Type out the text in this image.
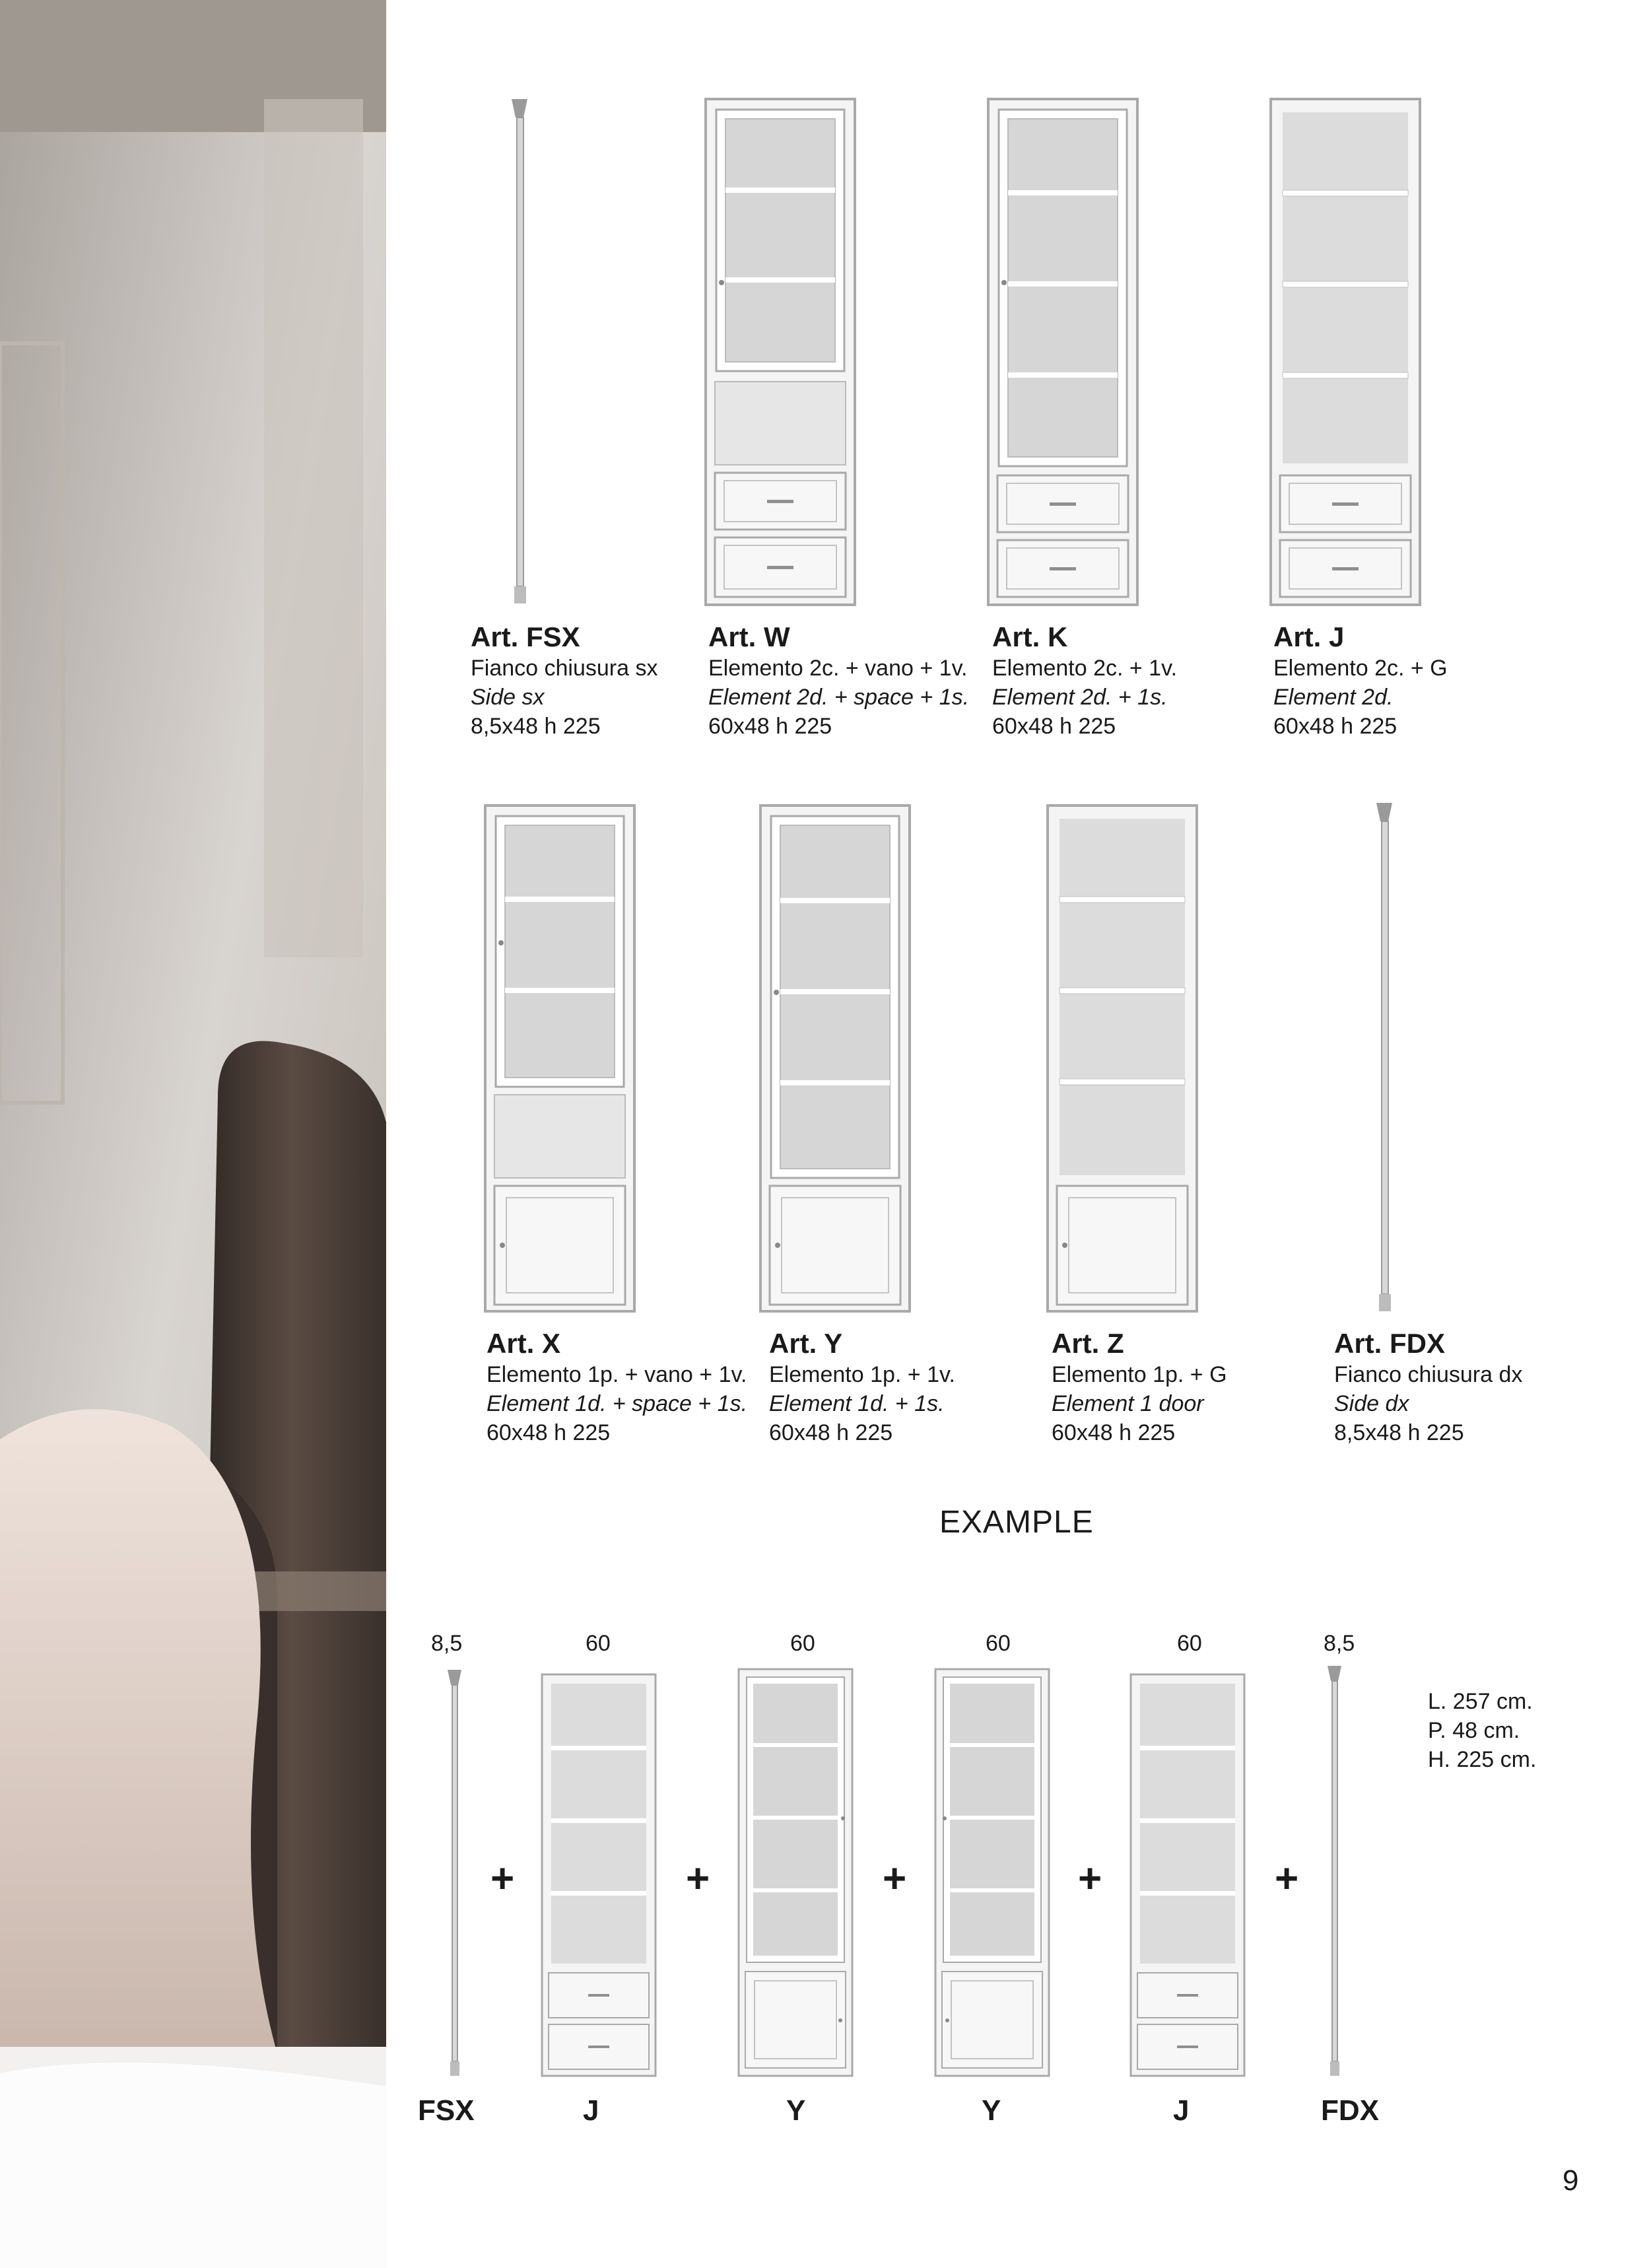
Art. FSX
Fianco chiusura sx
Side sx
8,5x48 h 225
Art. W
Elemento 2c. + vano + 1v.
Element 2d. + space + 1s.
60x48 h 225
Art. K
Elemento 2c. + 1v.
Element 2d. + 1s.
60x48 h 225
Art. J
Elemento 2c. + G
Element 2d.
60x48 h 225
Art. X
Elemento 1p. + vano + 1v.
Element 1d. + space + 1s.
60x48 h 225
Art. Y
Elemento 1p. + 1v.
Element 1d. + 1s.
60x48 h 225
Art. Z
Elemento 1p. + G
Element 1 door
60x48 h 225
Art. FDX
Fianco chiusura dx
Side dx
8,5x48 h 225
EXAMPLE
8,5	60	60	60	60	8,5
+	+	+	+	+
FSX	J	Y	Y	J	FDX
L. 257 cm.
P. 48 cm.
H. 225 cm.
9
